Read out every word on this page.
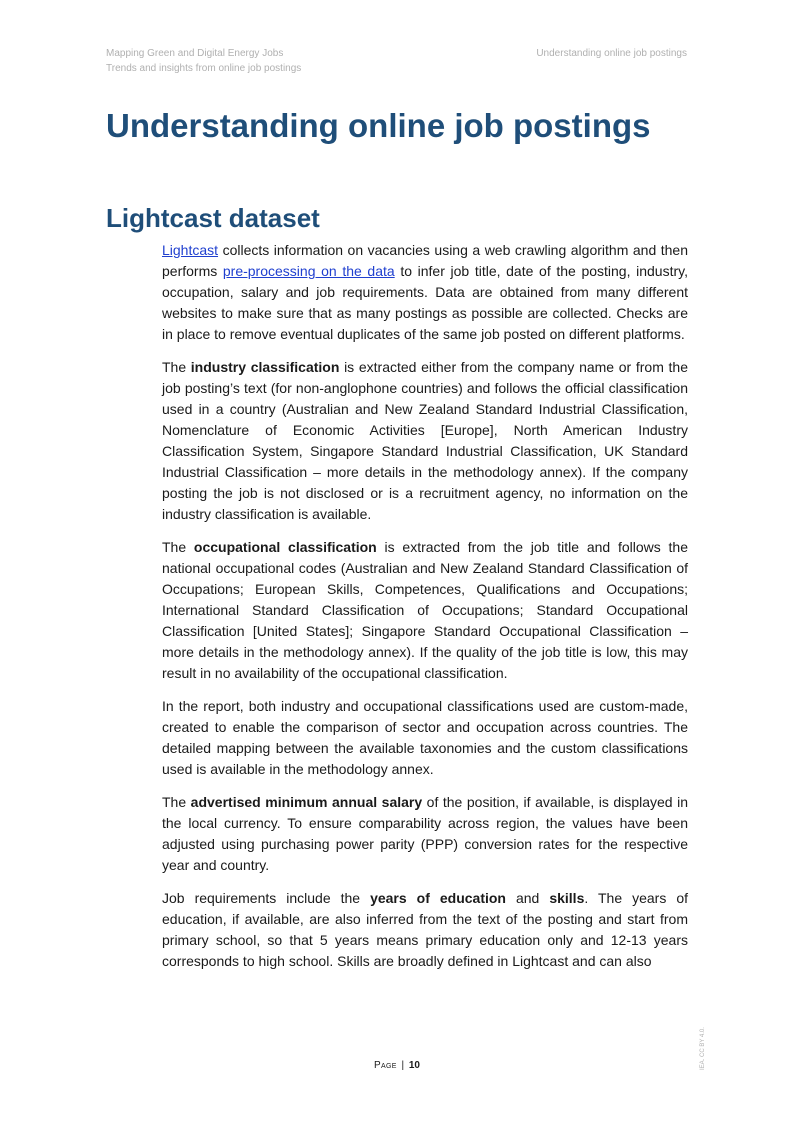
Mapping Green and Digital Energy Jobs
Trends and insights from online job postings
Understanding online job postings
Understanding online job postings
Lightcast dataset

Lightcast collects information on vacancies using a web crawling algorithm and then performs pre-processing on the data to infer job title, date of the posting, industry, occupation, salary and job requirements. Data are obtained from many different websites to make sure that as many postings as possible are collected. Checks are in place to remove eventual duplicates of the same job posted on different platforms.

The industry classification is extracted either from the company name or from the job posting’s text (for non-anglophone countries) and follows the official classification used in a country (Australian and New Zealand Standard Industrial Classification, Nomenclature of Economic Activities [Europe], North American Industry Classification System, Singapore Standard Industrial Classification, UK Standard Industrial Classification – more details in the methodology annex). If the company posting the job is not disclosed or is a recruitment agency, no information on the industry classification is available.

The occupational classification is extracted from the job title and follows the national occupational codes (Australian and New Zealand Standard Classification of Occupations; European Skills, Competences, Qualifications and Occupations; International Standard Classification of Occupations; Standard Occupational Classification [United States]; Singapore Standard Occupational Classification – more details in the methodology annex). If the quality of the job title is low, this may result in no availability of the occupational classification.

In the report, both industry and occupational classifications used are custom-made, created to enable the comparison of sector and occupation across countries. The detailed mapping between the available taxonomies and the custom classifications used is available in the methodology annex.

The advertised minimum annual salary of the position, if available, is displayed in the local currency. To ensure comparability across region, the values have been adjusted using purchasing power parity (PPP) conversion rates for the respective year and country.

Job requirements include the years of education and skills. The years of education, if available, are also inferred from the text of the posting and start from primary school, so that 5 years means primary education only and 12-13 years corresponds to high school. Skills are broadly defined in Lightcast and can also

Page | 10	IEA. CC BY 4.0.
